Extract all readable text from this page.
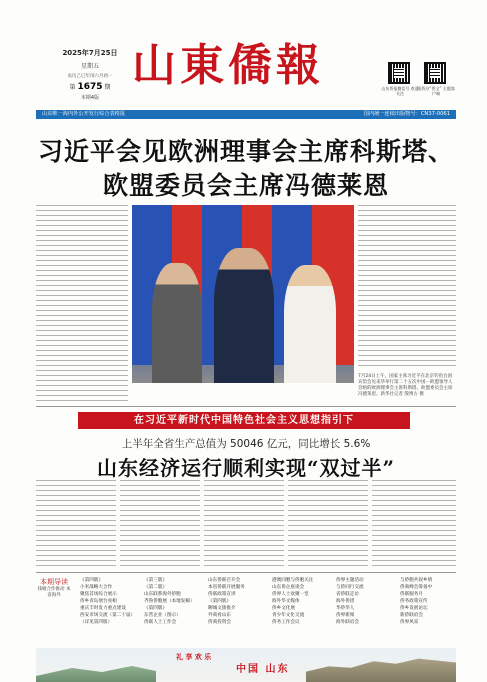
2025年7月25日
星期五
农历乙巳年闰六月初一
第 1675 期
本期4版
山東僑報	山东侨报微信号 欢迎关注
国侨办“侨宝” 主题客户端
山东唯一海内外公开发行综合表格报	国内统一连续出版物号：CN37-0061
习近平会见欧洲理事会主席科斯塔、
欧盟委员会主席冯德莱恩
7月24日上午，国家主席习近平在北京钓鱼台国宾馆会见来华举行第二十五次中国－欧盟领导人会晤的欧洲理事会主席科斯塔、欧盟委员会主席冯德莱恩。新华社记者 殷博古 摄
在习近平新时代中国特色社会主义思想指引下
上半年全省生产总值为 50046 亿元，同比增长 5.6%
山东经济运行顺利实现“双过半”
本期导读
钱塘合作推动 本省海外
《第四版》
小米战略大合作
聚焦首场综合展示
侨乡青岛展台亮相
重庆丰时发力重点建设
西安市场交流（第二十届）
（详见第四版）
《第三版》
《第二版》
山东联系海外侨胞
齐鲁侨胞展（本地发稿）
《第四版》
东营企业（图示）
侨联人士工作会
山东侨联召开会
本省侨联开展服务
侨联政策宣讲
《第四版》
聊城文旅推介
外商看山东
侨商投资会
港澳同胞与侨胞关注
山东侨企座谈会
侨界人士欢聚一堂
海外华文媒体
侨乡文化展
青少年文化交流
侨务工作会议
侨界主题活动
与侨同行交流
省侨联走访
海外侨团
华侨华人
侨界新闻
海外联谊会
与侨胞共叙乡情
侨商峰会筹备中
侨联服务月
侨务政策宣传
侨乡发展论坛
新侨联谊会
侨界风采
礼 享 欢 乐
中国 山东
